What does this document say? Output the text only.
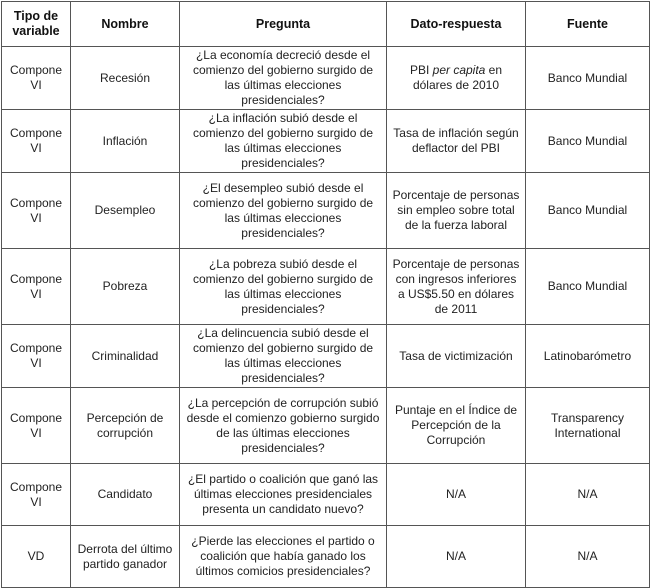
Tipo de variable	Nombre	Pregunta	Dato-respuesta	Fuente
Compone VI	Recesión	¿La economía decreció desde el comienzo del gobierno surgido de las últimas elecciones presidenciales?	PBI per capita en dólares de 2010	Banco Mundial
Compone VI	Inflación	¿La inflación subió desde el comienzo del gobierno surgido de las últimas elecciones presidenciales?	Tasa de inflación según deflactor del PBI	Banco Mundial
Compone VI	Desempleo	¿El desempleo subió desde el comienzo del gobierno surgido de las últimas elecciones presidenciales?	Porcentaje de personas sin empleo sobre total de la fuerza laboral	Banco Mundial
Compone VI	Pobreza	¿La pobreza subió desde el comienzo del gobierno surgido de las últimas elecciones presidenciales?	Porcentaje de personas con ingresos inferiores a US$5.50 en dólares de 2011	Banco Mundial
Compone VI	Criminalidad	¿La delincuencia subió desde el comienzo del gobierno surgido de las últimas elecciones presidenciales?	Tasa de victimización	Latinobarómetro
Compone VI	Percepción de corrupción	¿La percepción de corrupción subió desde el comienzo gobierno surgido de las últimas elecciones presidenciales?	Puntaje en el Índice de Percepción de la Corrupción	Transparency International
Compone VI	Candidato	¿El partido o coalición que ganó las últimas elecciones presidenciales presenta un candidato nuevo?	N/A	N/A
VD	Derrota del último partido ganador	¿Pierde las elecciones el partido o coalición que había ganado los últimos comicios presidenciales?	N/A	N/A
